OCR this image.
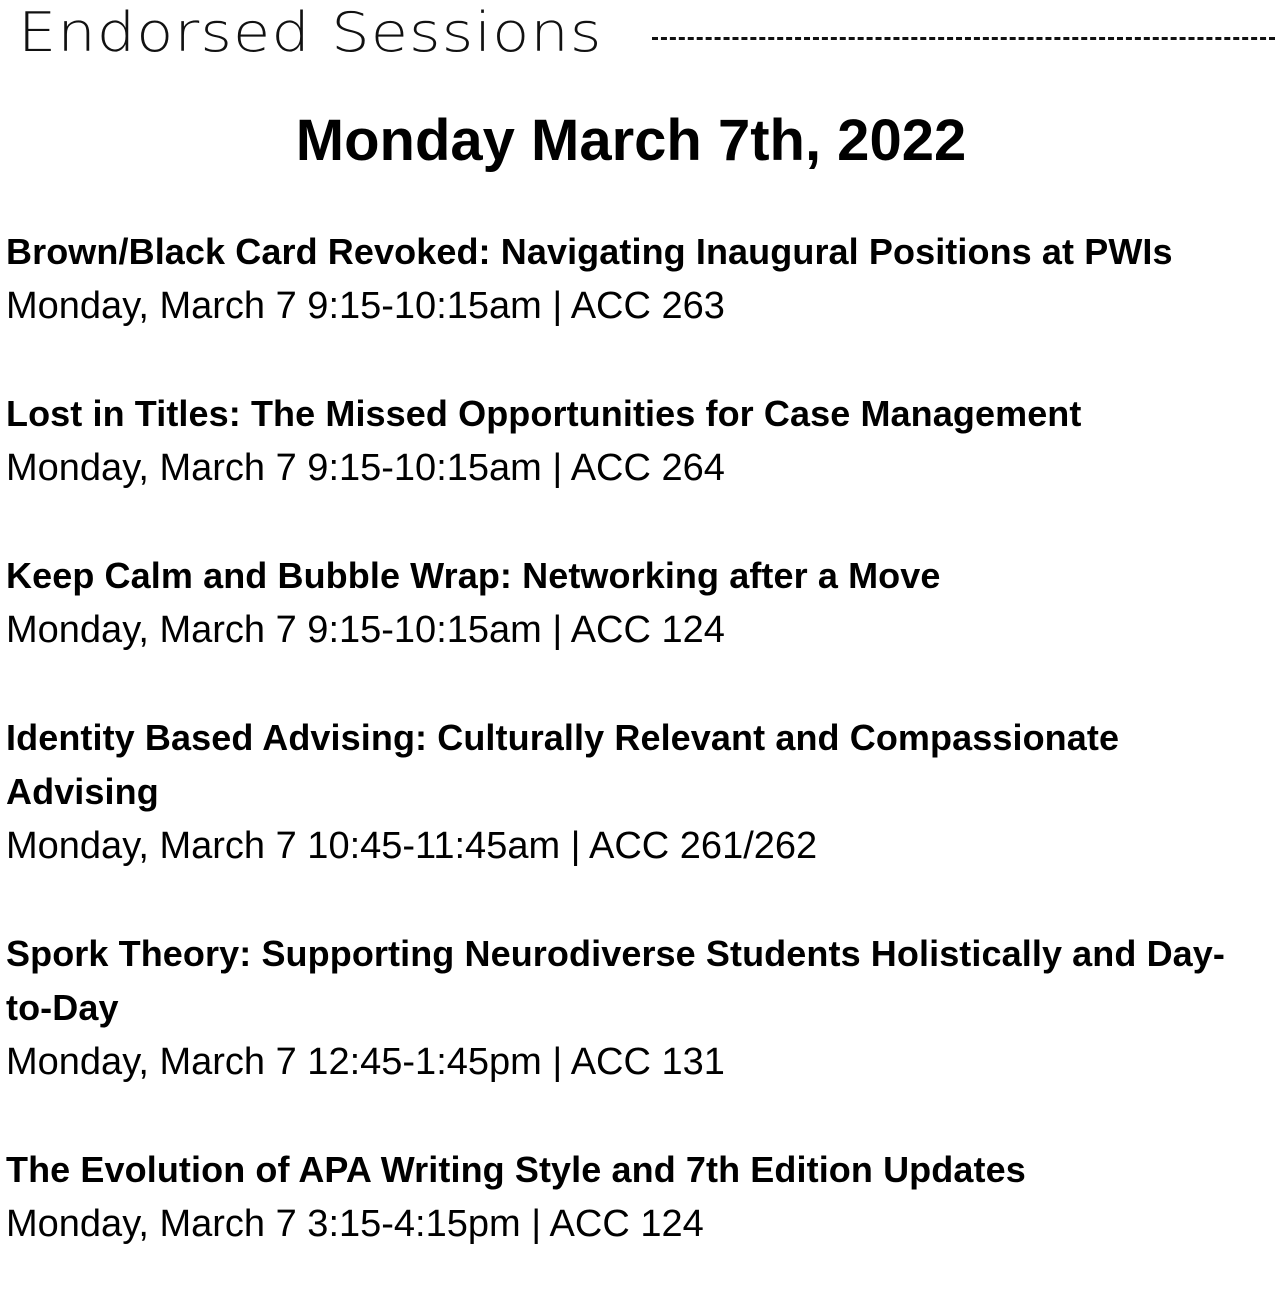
Endorsed Sessions
Monday March 7th, 2022
Brown/Black Card Revoked: Navigating Inaugural Positions at PWIs
Monday, March 7 9:15-10:15am | ACC 263
Lost in Titles: The Missed Opportunities for Case Management
Monday, March 7 9:15-10:15am | ACC 264
Keep Calm and Bubble Wrap: Networking after a Move
Monday, March 7 9:15-10:15am | ACC 124
Identity Based Advising: Culturally Relevant and Compassionate Advising
Monday, March 7 10:45-11:45am | ACC 261/262
Spork Theory: Supporting Neurodiverse Students Holistically and Day-to-Day
Monday, March 7 12:45-1:45pm | ACC 131
The Evolution of APA Writing Style and 7th Edition Updates
Monday, March 7 3:15-4:15pm | ACC 124
